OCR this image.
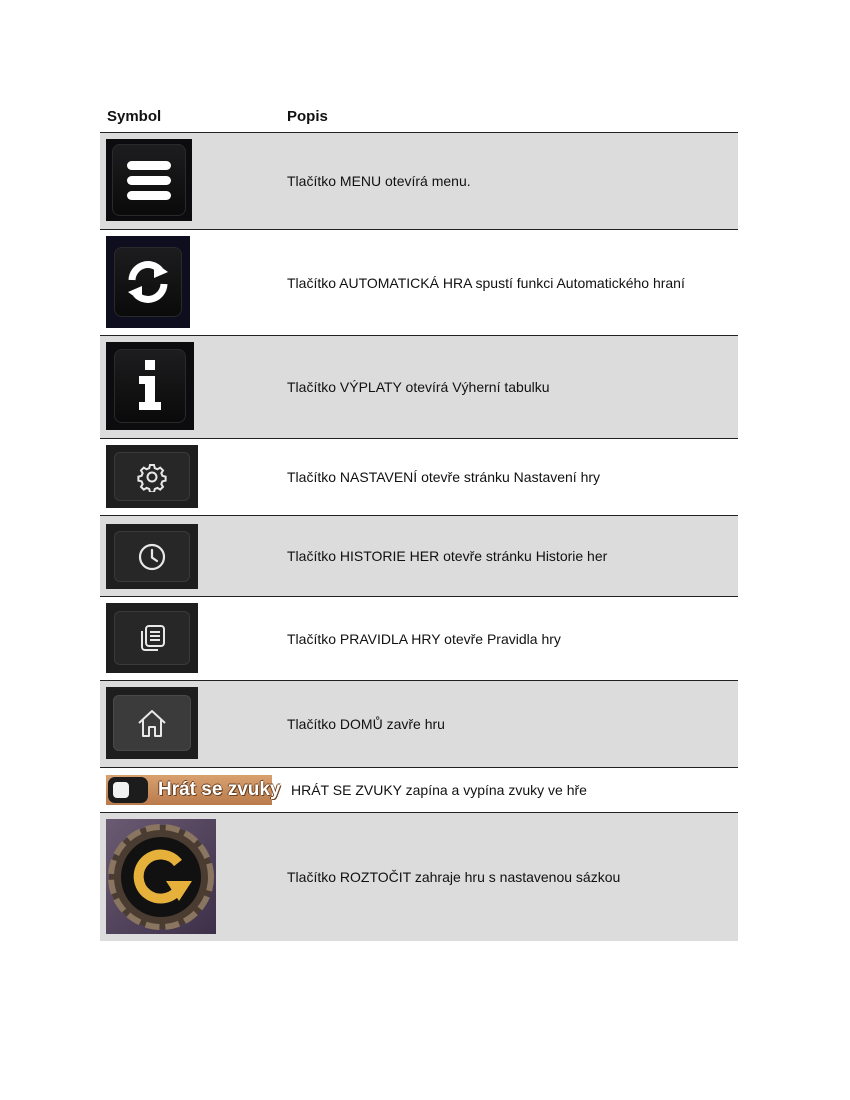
Symbol	Popis
Tlačítko MENU otevírá menu.
Tlačítko AUTOMATICKÁ HRA spustí funkci Automatického hraní
Tlačítko VÝPLATY otevírá Výherní tabulku
Tlačítko NASTAVENÍ otevře stránku Nastavení hry
Tlačítko HISTORIE HER otevře stránku Historie her
Tlačítko PRAVIDLA HRY otevře Pravidla hry
Tlačítko DOMŮ zavře hru
Hrát se zvuky HRÁT SE ZVUKY zapína a vypína zvuky ve hře
Tlačítko ROZTOČIT zahraje hru s nastavenou sázkou
